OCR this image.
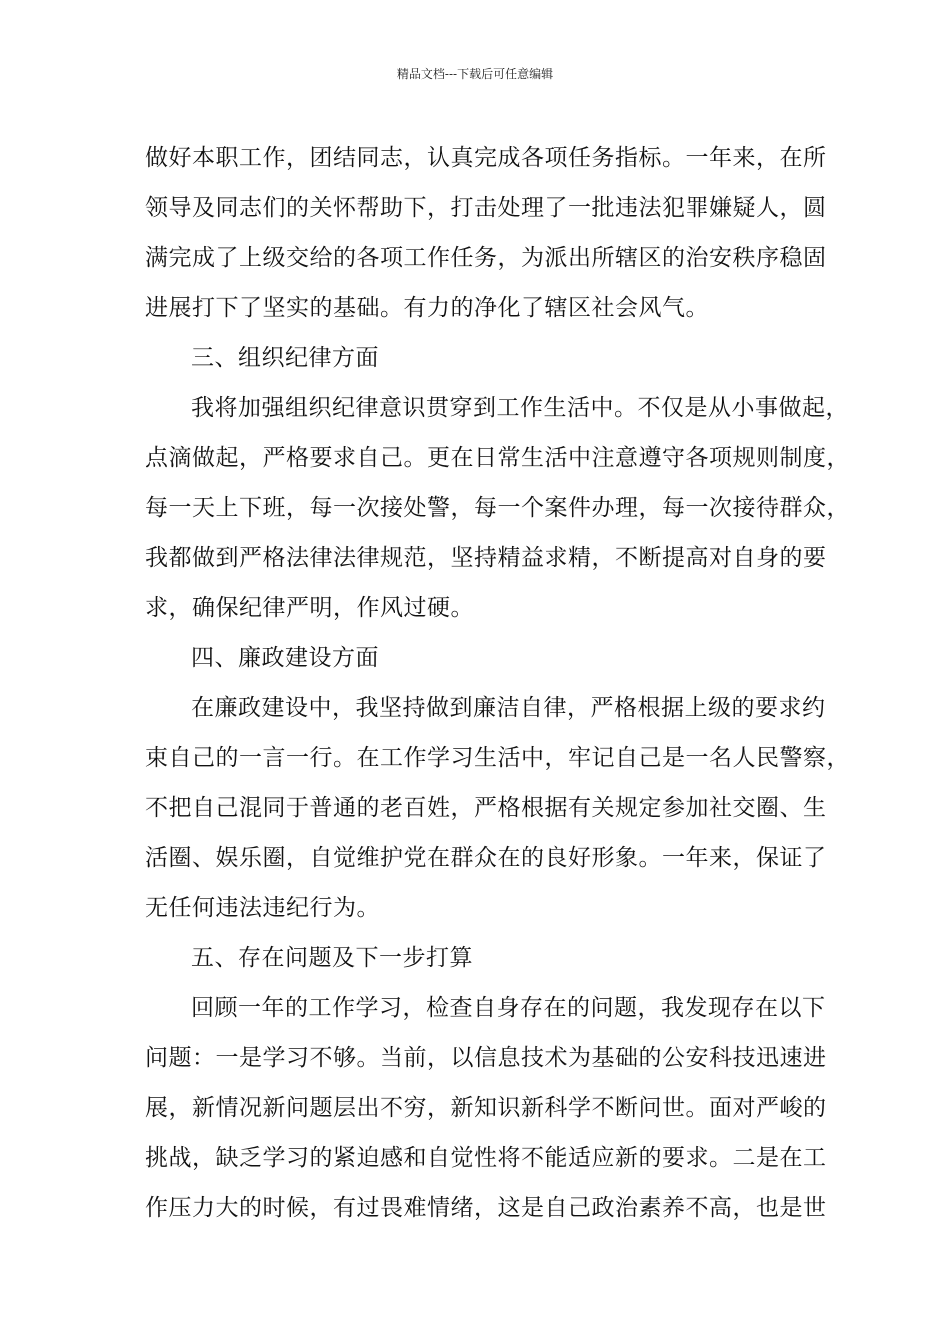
精品文档---下载后可任意编辑
做好本职工作，团结同志，认真完成各项任务指标。一年来，在所
领导及同志们的关怀帮助下，打击处理了一批违法犯罪嫌疑人，圆
满完成了上级交给的各项工作任务，为派出所辖区的治安秩序稳固
进展打下了坚实的基础。有力的净化了辖区社会风气。
三、组织纪律方面
我将加强组织纪律意识贯穿到工作生活中。不仅是从小事做起，
点滴做起，严格要求自己。更在日常生活中注意遵守各项规则制度，
每一天上下班，每一次接处警，每一个案件办理，每一次接待群众，
我都做到严格法律法律规范，坚持精益求精，不断提高对自身的要
求，确保纪律严明，作风过硬。
四、廉政建设方面
在廉政建设中，我坚持做到廉洁自律，严格根据上级的要求约
束自己的一言一行。在工作学习生活中，牢记自己是一名人民警察，
不把自己混同于普通的老百姓，严格根据有关规定参加社交圈、生
活圈、娱乐圈，自觉维护党在群众在的良好形象。一年来，保证了
无任何违法违纪行为。
五、存在问题及下一步打算
回顾一年的工作学习，检查自身存在的问题，我发现存在以下
问题：一是学习不够。当前，以信息技术为基础的公安科技迅速进
展，新情况新问题层出不穷，新知识新科学不断问世。面对严峻的
挑战，缺乏学习的紧迫感和自觉性将不能适应新的要求。二是在工
作压力大的时候，有过畏难情绪，这是自己政治素养不高，也是世
